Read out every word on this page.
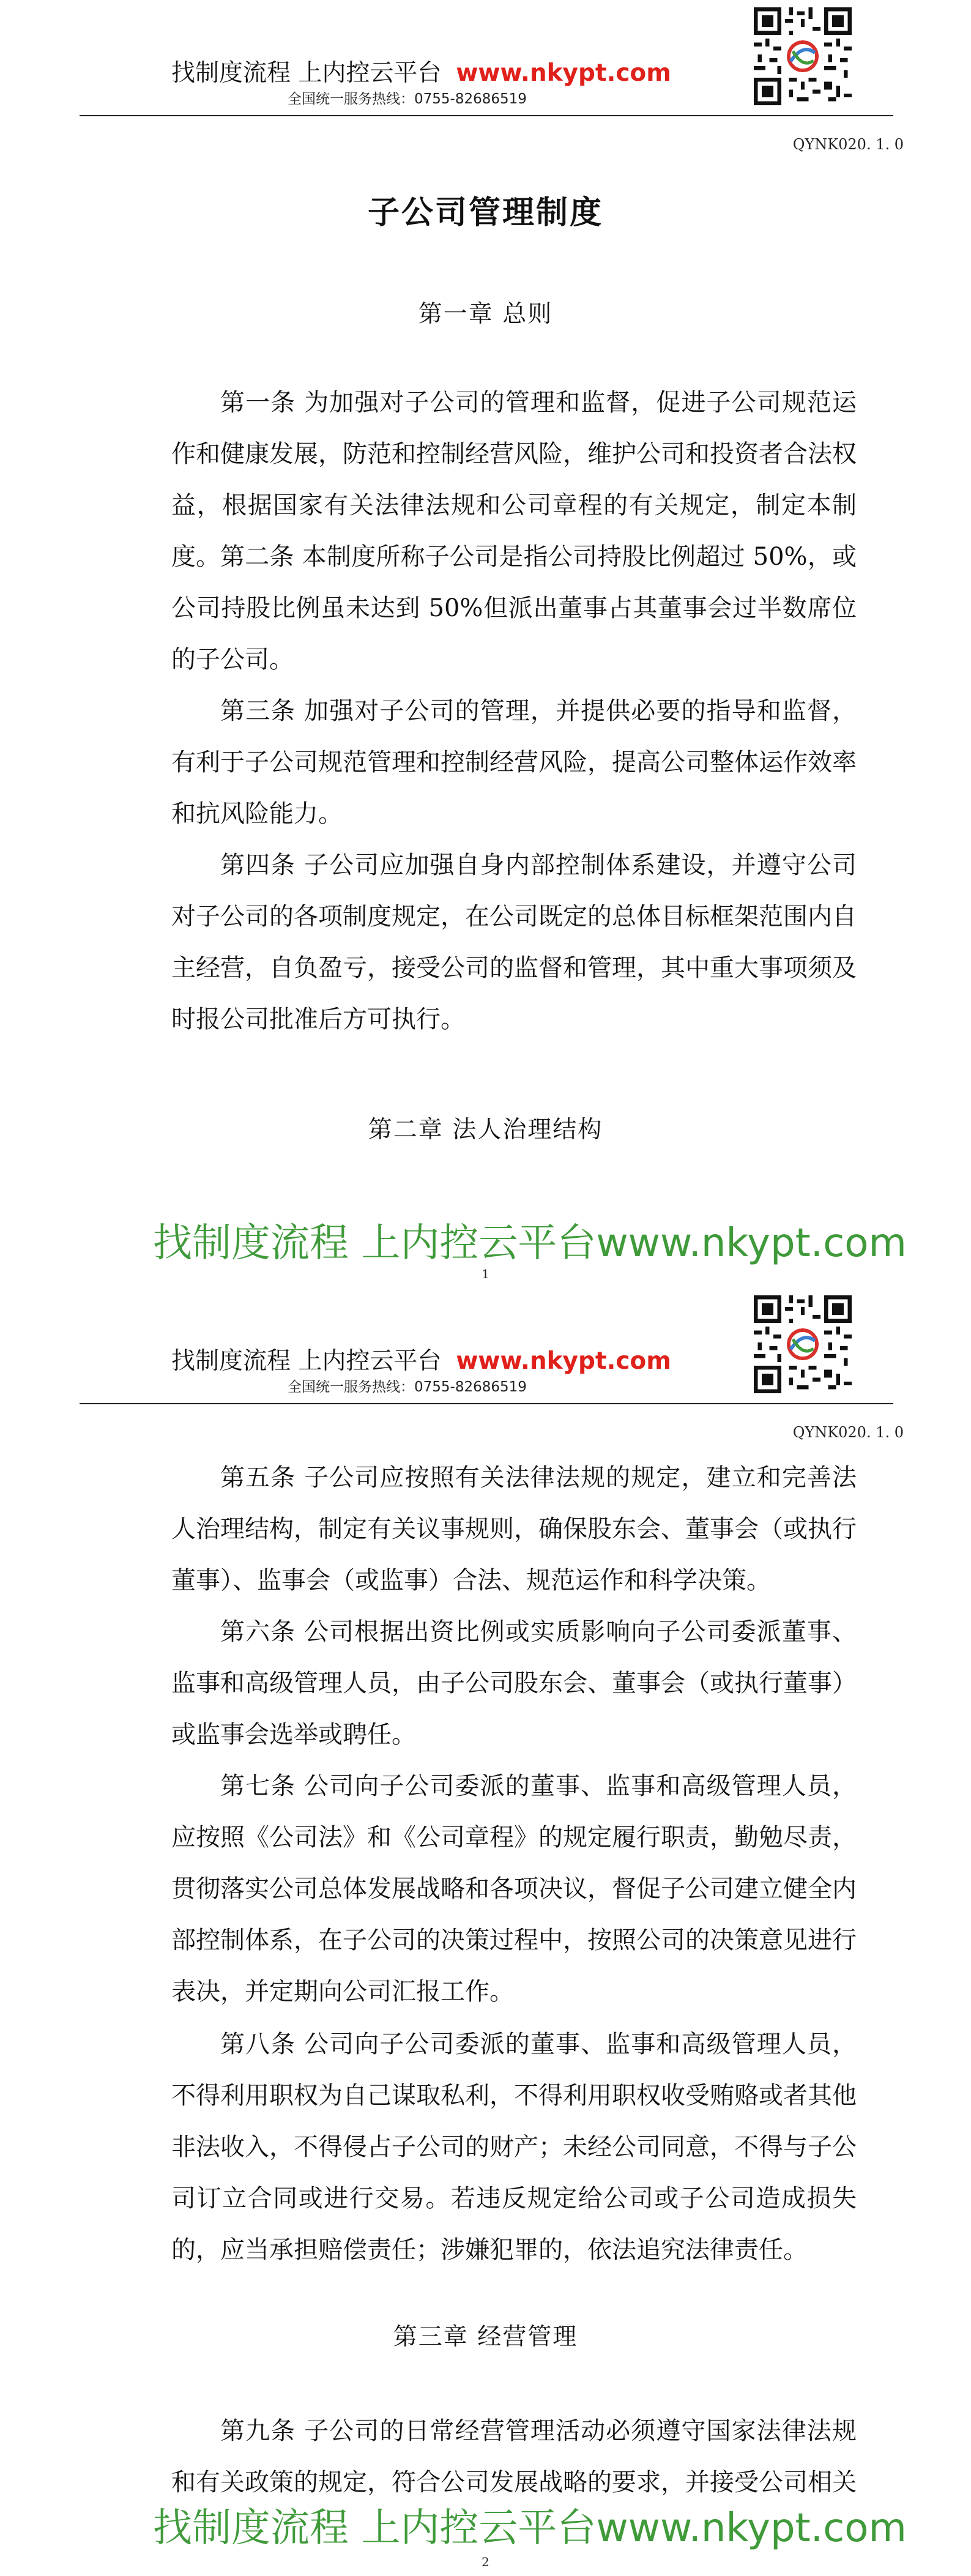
找制度流程 上内控云平台 www.nkypt.com
全国统一服务热线：0755-82686519
QYNK020. 1. 0
子公司管理制度
第一章 总则

第一条 为加强对子公司的管理和监督，促进子公司规范运作和健康发展，防范和控制经营风险，维护公司和投资者合法权益，根据国家有关法律法规和公司章程的有关规定，制定本制度。 第二条 本制度所称子公司是指公司持股比例超过 50%，或公司持股比例虽未达到 50%但派出董事占其董事会过半数席位的子公司。

第三条 加强对子公司的管理，并提供必要的指导和监督，有利于子公司规范管理和控制经营风险，提高公司整体运作效率和抗风险能力。

第四条 子公司应加强自身内部控制体系建设，并遵守公司对子公司的各项制度规定，在公司既定的总体目标框架范围内自主经营，自负盈亏，接受公司的监督和管理，其中重大事项须及时报公司批准后方可执行。

第二章 法人治理结构
找制度流程 上内控云平台www.nkypt.com
1
找制度流程 上内控云平台 www.nkypt.com
全国统一服务热线：0755-82686519
QYNK020. 1. 0

第五条 子公司应按照有关法律法规的规定，建立和完善法人治理结构，制定有关议事规则，确保股东会、董事会（或执行董事）、监事会（或监事）合法、规范运作和科学决策。

第六条 公司根据出资比例或实质影响向子公司委派董事、监事和高级管理人员，由子公司股东会、董事会（或执行董事）或监事会选举或聘任。

第七条 公司向子公司委派的董事、监事和高级管理人员，应按照《公司法》和《公司章程》的规定履行职责，勤勉尽责，贯彻落实公司总体发展战略和各项决议，督促子公司建立健全内部控制体系，在子公司的决策过程中，按照公司的决策意见进行表决，并定期向公司汇报工作。

第八条 公司向子公司委派的董事、监事和高级管理人员，不得利用职权为自己谋取私利，不得利用职权收受贿赂或者其他非法收入，不得侵占子公司的财产；未经公司同意，不得与子公司订立合同或进行交易。若违反规定给公司或子公司造成损失的，应当承担赔偿责任；涉嫌犯罪的，依法追究法律责任。

第三章 经营管理

第九条 子公司的日常经营管理活动必须遵守国家法律法规和有关政策的规定，符合公司发展战略的要求，并接受公司相关

找制度流程 上内控云平台www.nkypt.com
2
